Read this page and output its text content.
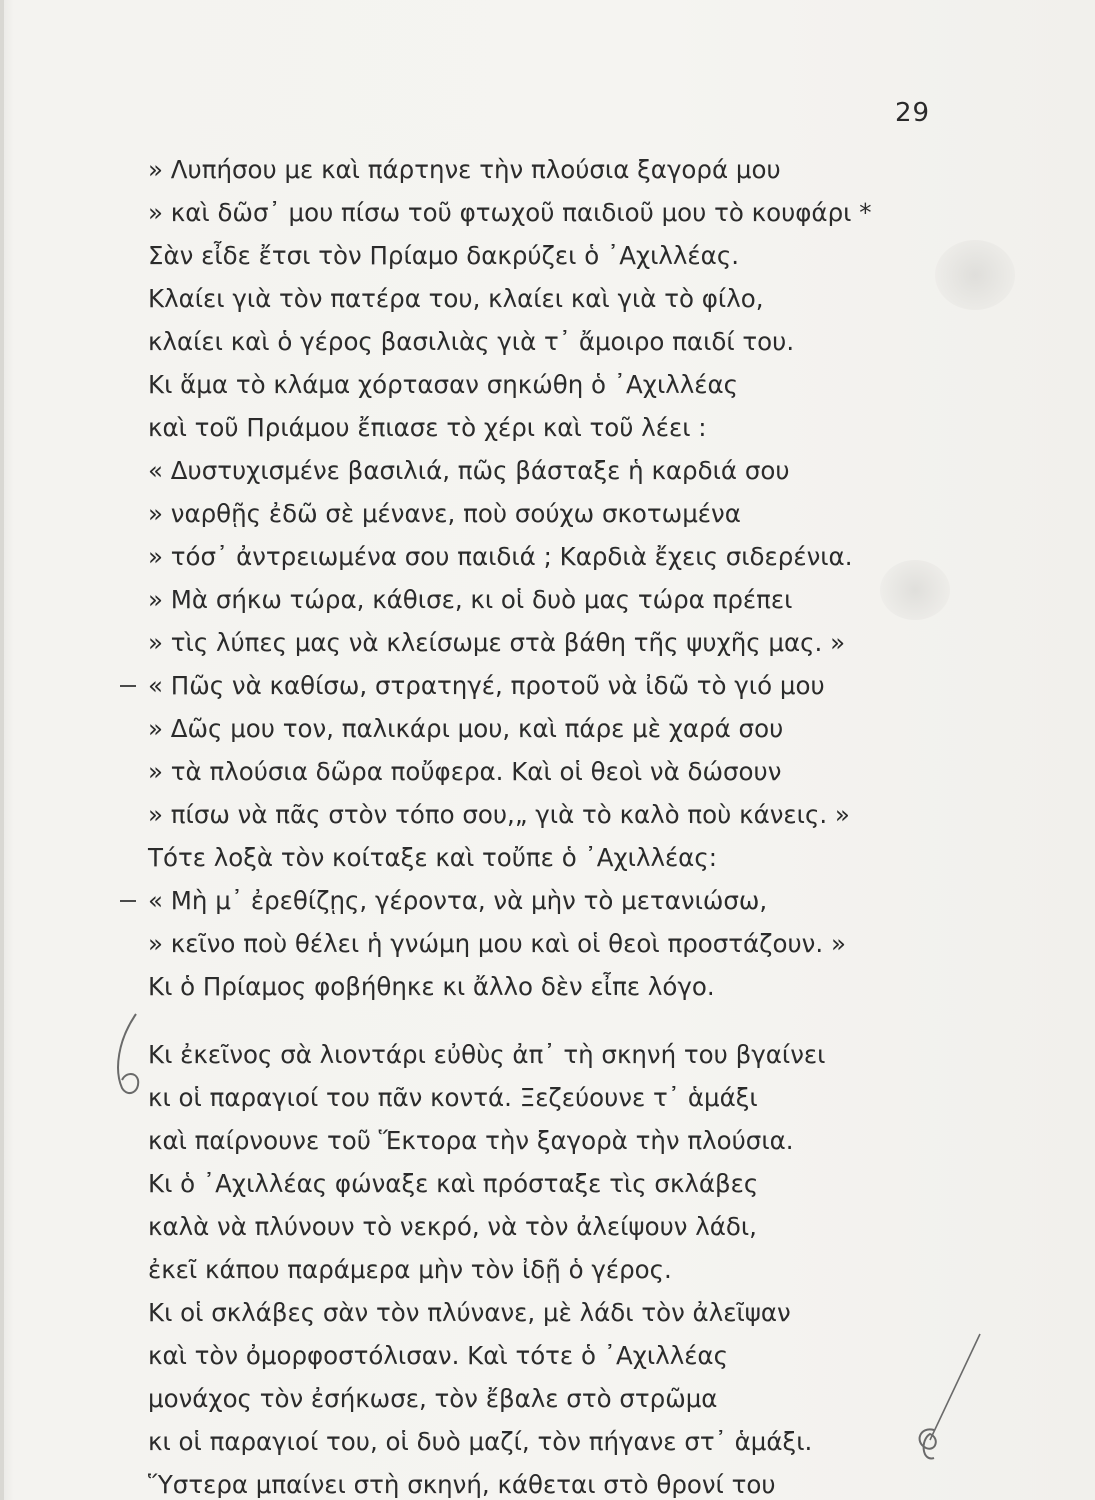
29
» Λυπήσου με καὶ πάρτηνε τὴν πλούσια ξαγορά μου
» καὶ δῶσ᾽ μου πίσω τοῦ φτωχοῦ παιδιοῦ μου τὸ κουφάρι *
Σὰν εἶδε ἔτσι τὸν Πρίαμο δακρύζει ὁ ᾿Αχιλλέας.
Κλαίει γιὰ τὸν πατέρα του, κλαίει καὶ γιὰ τὸ φίλο,
κλαίει καὶ ὁ γέρος βασιλιὰς γιὰ τ᾽ ἄμοιρο παιδί του.
Κι ἅμα τὸ κλάμα χόρτασαν σηκώθη ὁ ᾿Αχιλλέας
καὶ τοῦ Πριάμου ἔπιασε τὸ χέρι καὶ τοῦ λέει :
« Δυστυχισμένε βασιλιά, πῶς βάσταξε ἡ καρδιά σου
» ναρθῇς ἐδῶ σὲ μένανε, ποὺ σούχω σκοτωμένα
» τόσ᾽ ἀντρειωμένα σου παιδιά ; Καρδιὰ ἔχεις σιδερένια.
» Μὰ σήκω τώρα, κάθισε, κι οἱ δυὸ μας τώρα πρέπει
» τὶς λύπες μας νὰ κλείσωμε στὰ βάθη τῆς ψυχῆς μας. »
« Πῶς νὰ καθίσω, στρατηγέ, προτοῦ νὰ ἰδῶ τὸ γιό μου
» Δῶς μου τον, παλικάρι μου, καὶ πάρε μὲ χαρά σου
» τὰ πλούσια δῶρα ποὔφερα. Καὶ οἱ θεοὶ νὰ δώσουν
» πίσω νὰ πᾶς στὸν τόπο σου,„ γιὰ τὸ καλὸ ποὺ κάνεις. »
Τότε λοξὰ τὸν κοίταξε καὶ τοὔπε ὁ ᾿Αχιλλέας:
« Μὴ μ᾽ ἐρεθίζῃς, γέροντα, νὰ μὴν τὸ μετανιώσω,
» κεῖνο ποὺ θέλει ἡ γνώμη μου καὶ οἱ θεοὶ προστάζουν. »
Κι ὁ Πρίαμος φοβήθηκε κι ἄλλο δὲν εἶπε λόγο.
Κι ἐκεῖνος σὰ λιοντάρι εὐθὺς ἀπ᾽ τὴ σκηνή του βγαίνει
κι οἱ παραγιοί του πᾶν κοντά. Ξεζεύουνε τ᾽ ἁμάξι
καὶ παίρνουνε τοῦ Ἕκτορα τὴν ξαγορὰ τὴν πλούσια.
Κι ὁ ᾿Αχιλλέας φώναξε καὶ πρόσταξε τὶς σκλάβες
καλὰ νὰ πλύνουν τὸ νεκρό, νὰ τὸν ἀλείψουν λάδι,
ἐκεῖ κάπου παράμερα μὴν τὸν ἰδῇ ὁ γέρος.
Κι οἱ σκλάβες σὰν τὸν πλύνανε, μὲ λάδι τὸν ἀλεῖψαν
καὶ τὸν ὀμορφοστόλισαν. Καὶ τότε ὁ ᾿Αχιλλέας
μονάχος τὸν ἐσήκωσε, τὸν ἔβαλε στὸ στρῶμα
κι οἱ παραγιοί του, οἱ δυὸ μαζί, τὸν πήγανε στ᾽ ἁμάξι.
Ὕστερα μπαίνει στὴ σκηνή, κάθεται στὸ θρονί του
